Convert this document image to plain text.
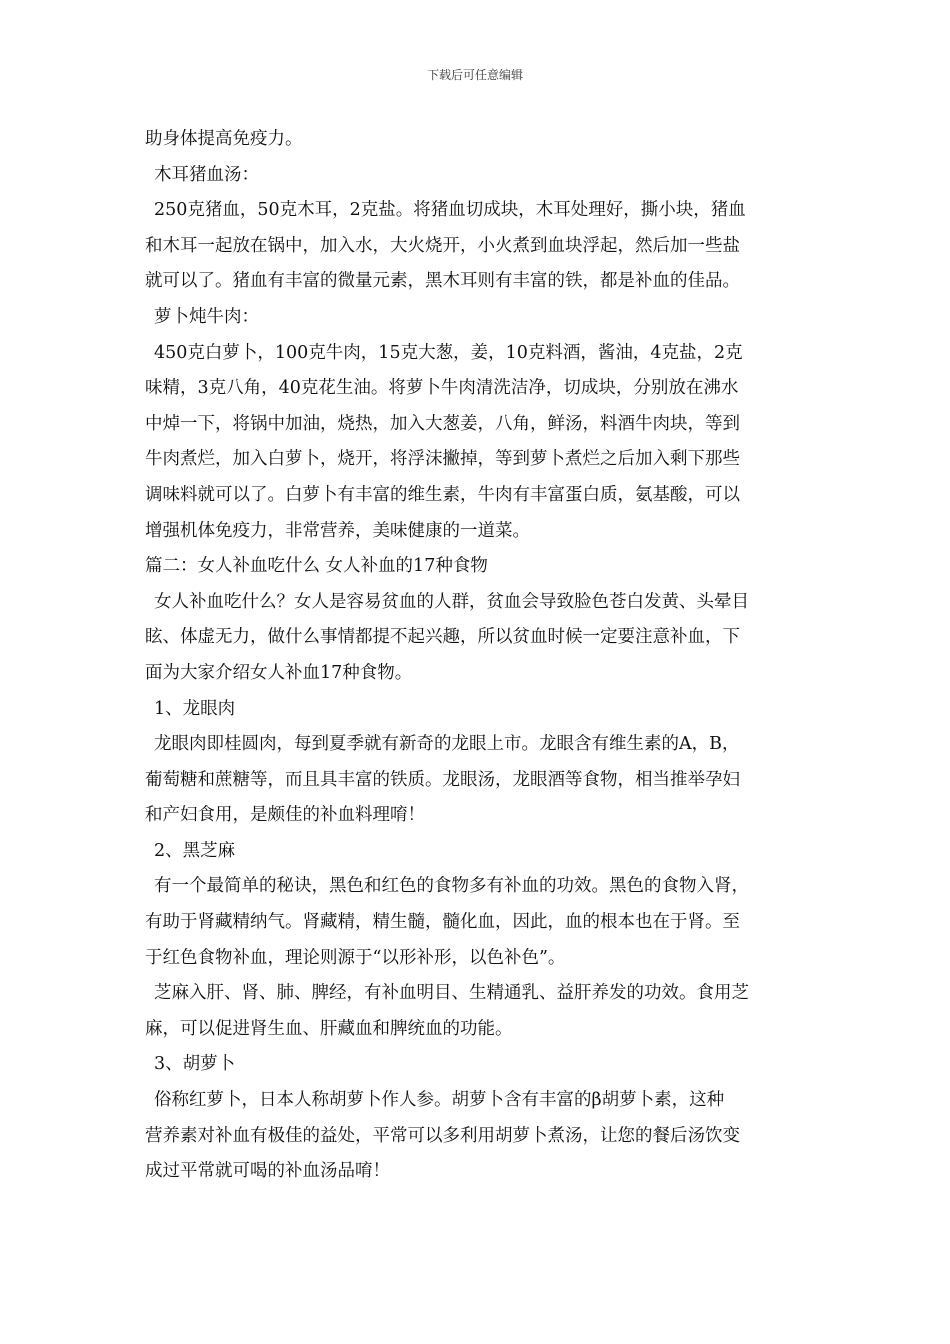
下载后可任意编辑
助身体提高免疫力。
木耳猪血汤：
250克猪血，50克木耳，2克盐。将猪血切成块，木耳处理好，撕小块，猪血
和木耳一起放在锅中，加入水，大火烧开，小火煮到血块浮起，然后加一些盐
就可以了。猪血有丰富的微量元素，黑木耳则有丰富的铁，都是补血的佳品。
萝卜炖牛肉：
450克白萝卜，100克牛肉，15克大葱，姜，10克料酒，酱油，4克盐，2克
味精，3克八角，40克花生油。将萝卜牛肉清洗洁净，切成块，分别放在沸水
中焯一下，将锅中加油，烧热，加入大葱姜，八角，鲜汤，料酒牛肉块，等到
牛肉煮烂，加入白萝卜，烧开，将浮沫撇掉，等到萝卜煮烂之后加入剩下那些
调味料就可以了。白萝卜有丰富的维生素，牛肉有丰富蛋白质，氨基酸，可以
增强机体免疫力，非常营养，美味健康的一道菜。
篇二：女人补血吃什么 女人补血的17种食物
女人补血吃什么？女人是容易贫血的人群，贫血会导致脸色苍白发黄、头晕目
眩、体虚无力，做什么事情都提不起兴趣，所以贫血时候一定要注意补血，下
面为大家介绍女人补血17种食物。
1、龙眼肉
龙眼肉即桂圆肉，每到夏季就有新奇的龙眼上市。龙眼含有维生素的A，B，
葡萄糖和蔗糖等，而且具丰富的铁质。龙眼汤，龙眼酒等食物，相当推举孕妇
和产妇食用，是颇佳的补血料理唷！
2、黑芝麻
有一个最简单的秘诀，黑色和红色的食物多有补血的功效。黑色的食物入肾，
有助于肾藏精纳气。肾藏精，精生髓，髓化血，因此，血的根本也在于肾。至
于红色食物补血，理论则源于“以形补形，以色补色”。
芝麻入肝、肾、肺、脾经，有补血明目、生精通乳、益肝养发的功效。食用芝
麻，可以促进肾生血、肝藏血和脾统血的功能。
3、胡萝卜
俗称红萝卜，日本人称胡萝卜作人参。胡萝卜含有丰富的β胡萝卜素，这种
营养素对补血有极佳的益处，平常可以多利用胡萝卜煮汤，让您的餐后汤饮变
成过平常就可喝的补血汤品唷！
